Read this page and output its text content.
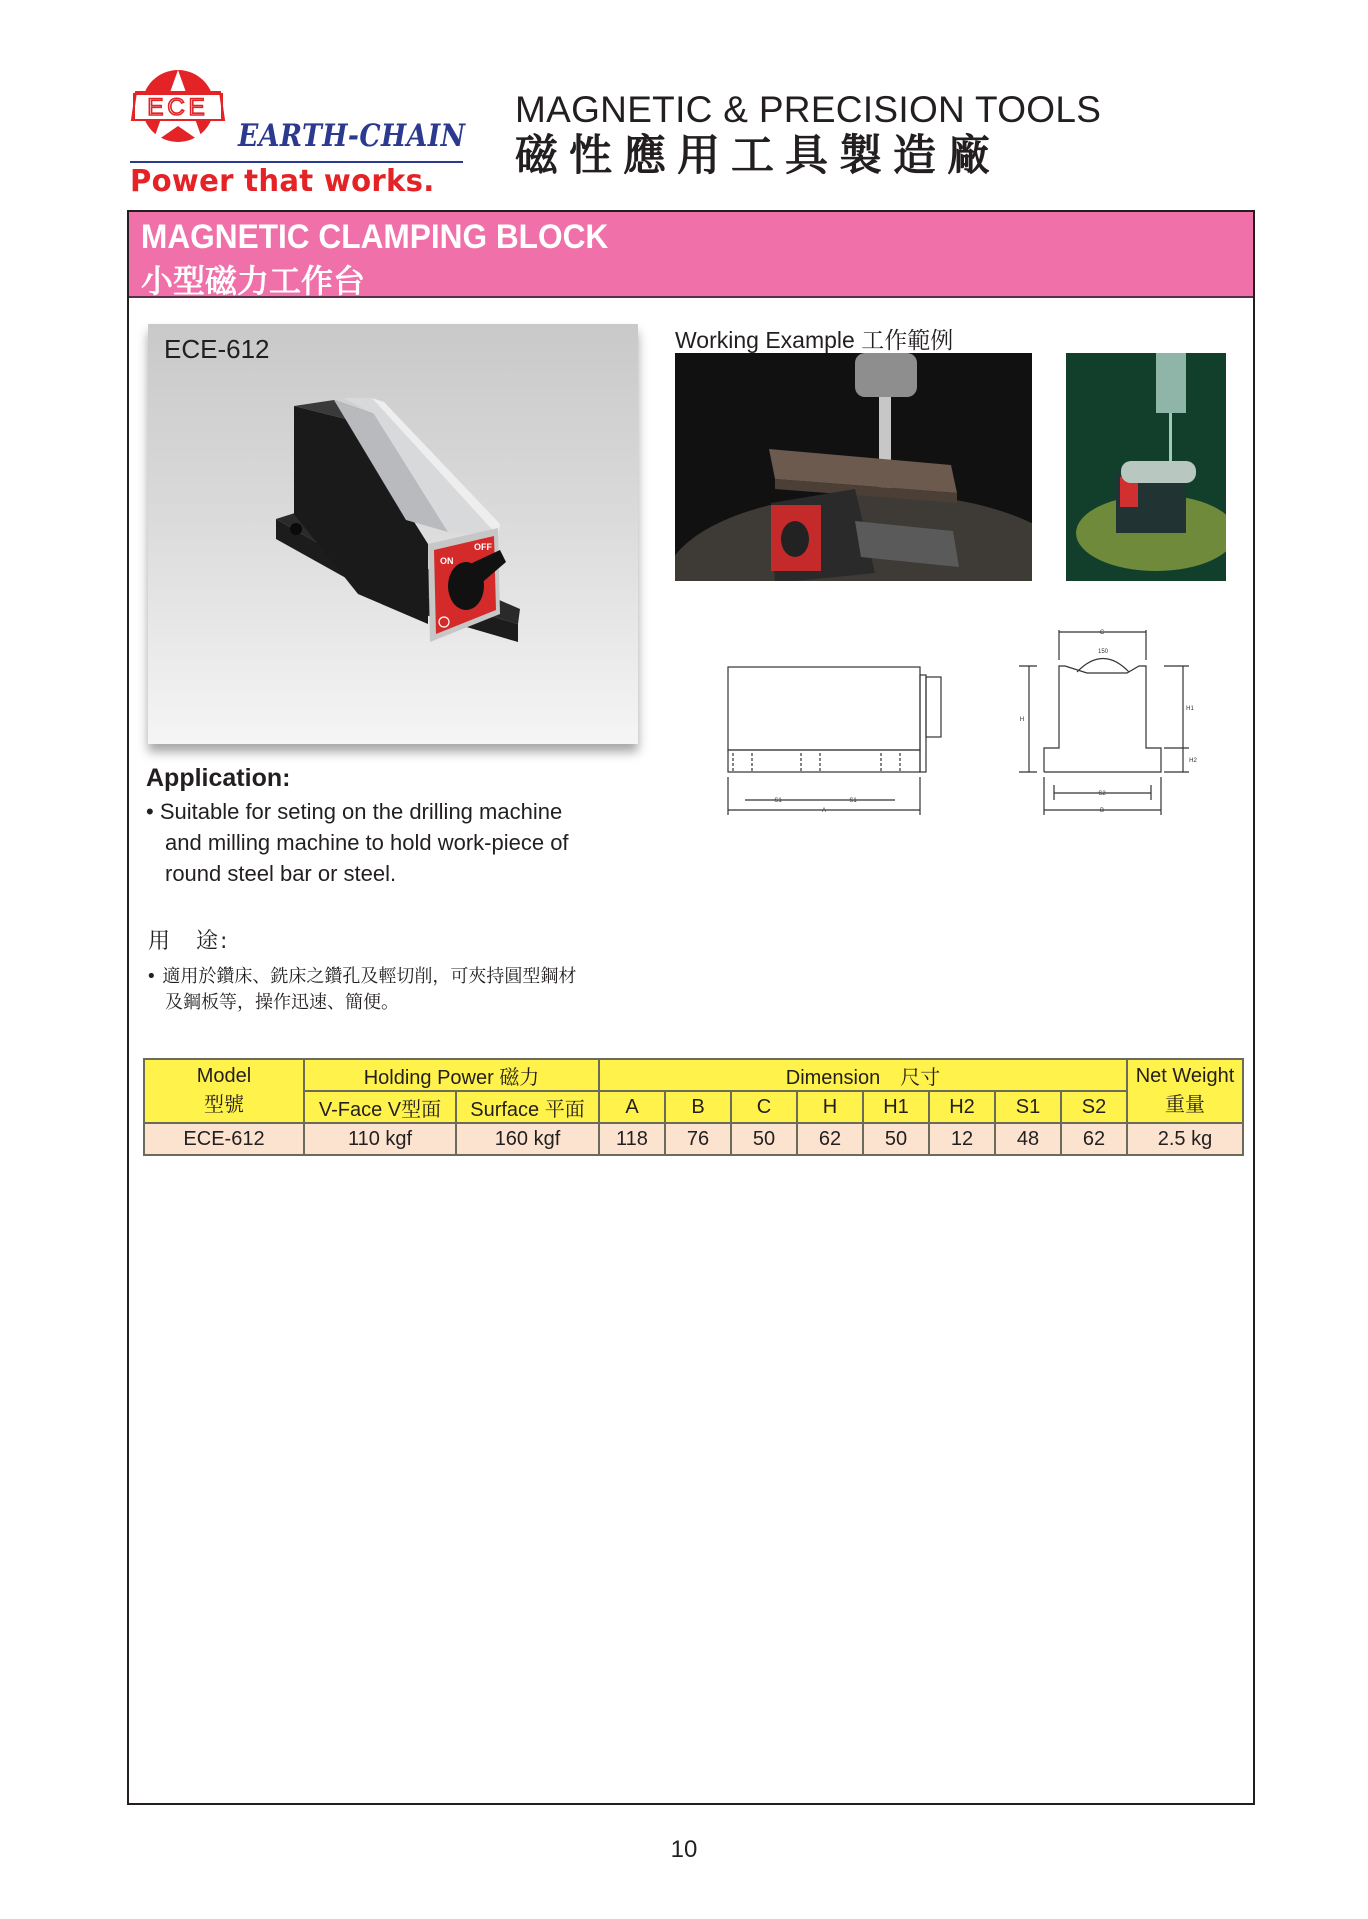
ECE
EARTH-CHAIN
Power that works.
MAGNETIC & PRECISION TOOLS
磁性應用工具製造廠
MAGNETIC CLAMPING BLOCK
小型磁力工作台
ON
OFF
ECE-612	Working Example 工作範例
S1	S1
A
C
150
H
H1
H2
S2
B
Application:
• Suitable for seting on the drilling machine
and milling machine to hold work-piece of
round steel bar or steel.
用　途:
• 適用於鑽床、銑床之鑽孔及輕切削，可夾持圓型鋼材
及鋼板等，操作迅速、簡便。
Model
型號
	Holding Power 磁力	Dimension　尺寸	Net Weight
重量

	V-Face V型面	Surface 平面	A	B	C	H	H1	H2	S1	S2	
ECE-612	110 kgf	160 kgf	118	76	50	62	50	12	48	62	2.5 kg
10
